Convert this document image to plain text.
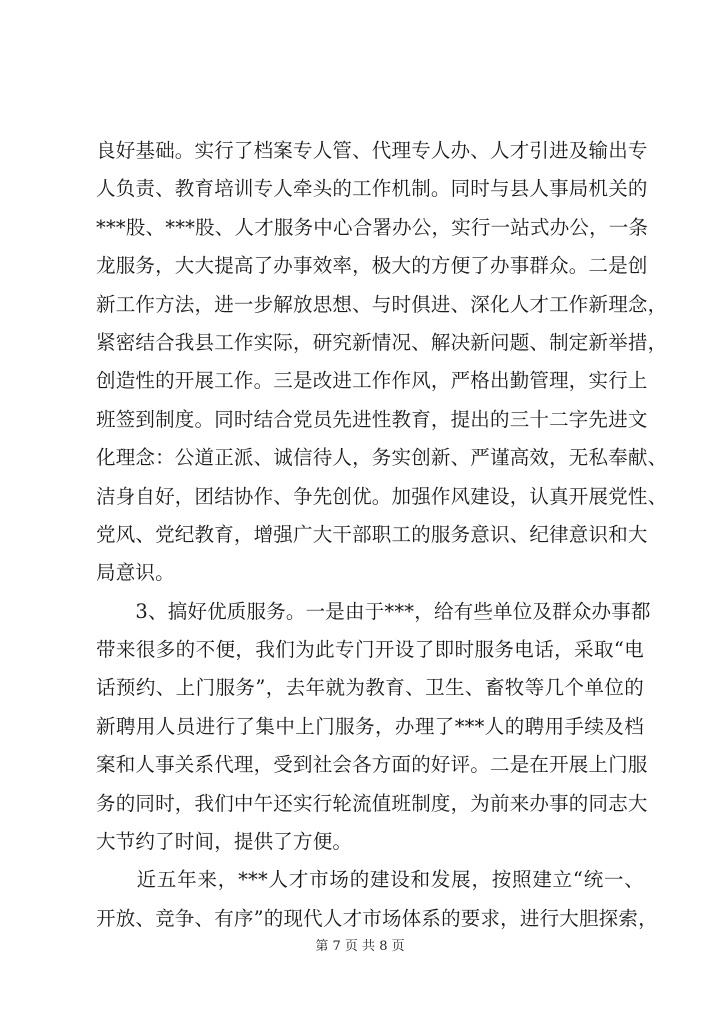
良好基础。实行了档案专人管、代理专人办、人才引进及输出专
人负责、教育培训专人牵头的工作机制。同时与县人事局机关的
***股、***股、人才服务中心合署办公，实行一站式办公，一条
龙服务，大大提高了办事效率，极大的方便了办事群众。二是创
新工作方法，进一步解放思想、与时俱进、深化人才工作新理念，
紧密结合我县工作实际，研究新情况、解决新问题、制定新举措，
创造性的开展工作。三是改进工作作风，严格出勤管理，实行上
班签到制度。同时结合党员先进性教育，提出的三十二字先进文
化理念：公道正派、诚信待人，务实创新、严谨高效，无私奉献、
洁身自好，团结协作、争先创优。加强作风建设，认真开展党性、
党风、党纪教育，增强广大干部职工的服务意识、纪律意识和大
局意识。
　　3、搞好优质服务。一是由于***，给有些单位及群众办事都
带来很多的不便，我们为此专门开设了即时服务电话，采取“电
话预约、上门服务”，去年就为教育、卫生、畜牧等几个单位的
新聘用人员进行了集中上门服务，办理了***人的聘用手续及档
案和人事关系代理，受到社会各方面的好评。二是在开展上门服
务的同时，我们中午还实行轮流值班制度，为前来办事的同志大
大节约了时间，提供了方便。
　　近五年来，***人才市场的建设和发展，按照建立“统一、
开放、竞争、有序”的现代人才市场体系的要求，进行大胆探索，
第 7 页 共 8 页
